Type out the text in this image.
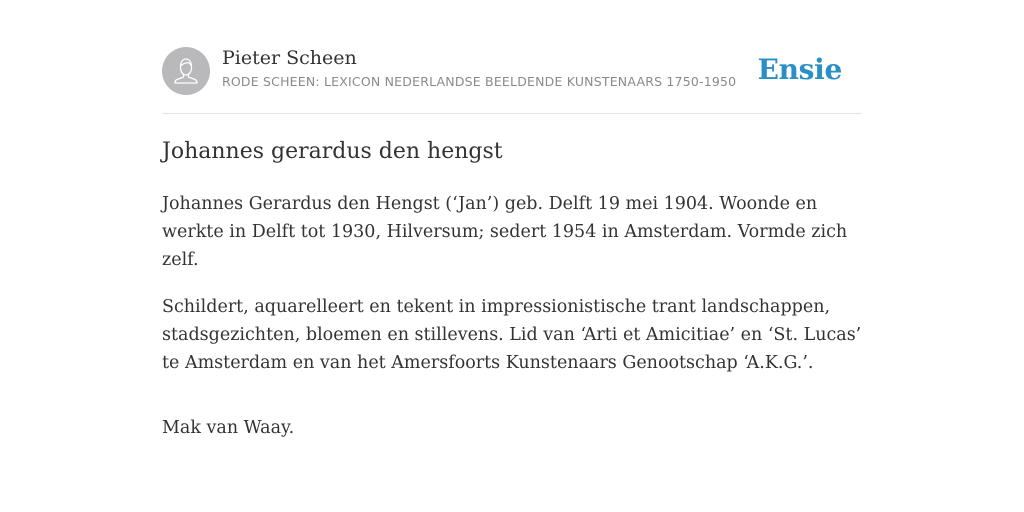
Pieter Scheen
RODE SCHEEN: LEXICON NEDERLANDSE BEELDENDE KUNSTENAARS 1750-1950 Ensie
Johannes gerardus den hengst

Johannes Gerardus den Hengst (‘Jan’) geb. Delft 19 mei 1904. Woonde en werkte in Delft tot 1930, Hilversum; sedert 1954 in Amsterdam. Vormde zich zelf.

Schildert, aquarelleert en tekent in impressionistische trant landschappen, stadsgezichten, bloemen en stillevens. Lid van ‘Arti et Amicitiae’ en ‘St. Lucas’ te Amsterdam en van het Amersfoorts Kunstenaars Genootschap ‘A.K.G.’.

Mak van Waay.
